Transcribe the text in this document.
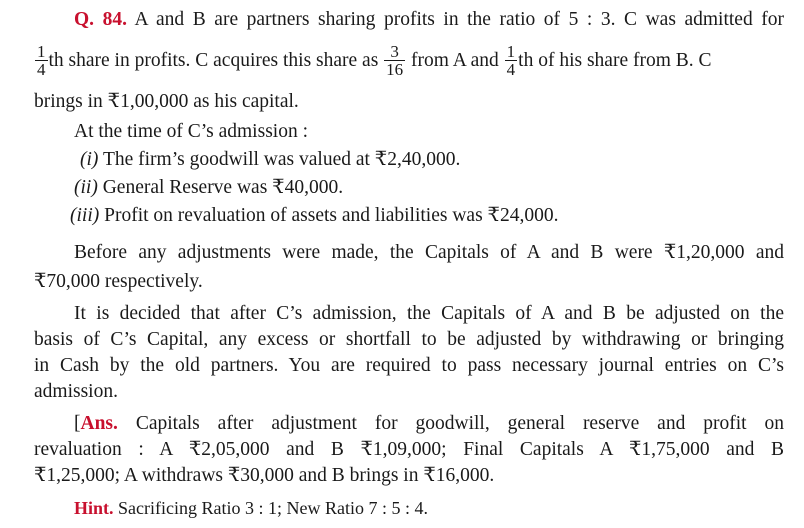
Q. 84. A and B are partners sharing profits in the ratio of 5 : 3. C was admitted for
$\frac{1}{4}$ th share in profits. C acquires this share as $\frac{3}{16}$ from A and $\frac{1}{4}$ th of his share from B. C
brings in ₹1,00,000 as his capital.
At the time of C’s admission :
(i) The firm’s goodwill was valued at ₹2,40,000.
(ii) General Reserve was ₹40,000.
(iii) Profit on revaluation of assets and liabilities was ₹24,000.
Before any adjustments were made, the Capitals of A and B were ₹1,20,000 and
₹70,000 respectively.
It is decided that after C’s admission, the Capitals of A and B be adjusted on the
basis of C’s Capital, any excess or shortfall to be adjusted by withdrawing or bringing
in Cash by the old partners. You are required to pass necessary journal entries on C’s
admission.
[Ans. Capitals after adjustment for goodwill, general reserve and profit on
revaluation : A ₹2,05,000 and B ₹1,09,000; Final Capitals A ₹1,75,000 and B
₹1,25,000; A withdraws ₹30,000 and B brings in ₹16,000.
Hint. Sacrificing Ratio 3 : 1; New Ratio 7 : 5 : 4.
